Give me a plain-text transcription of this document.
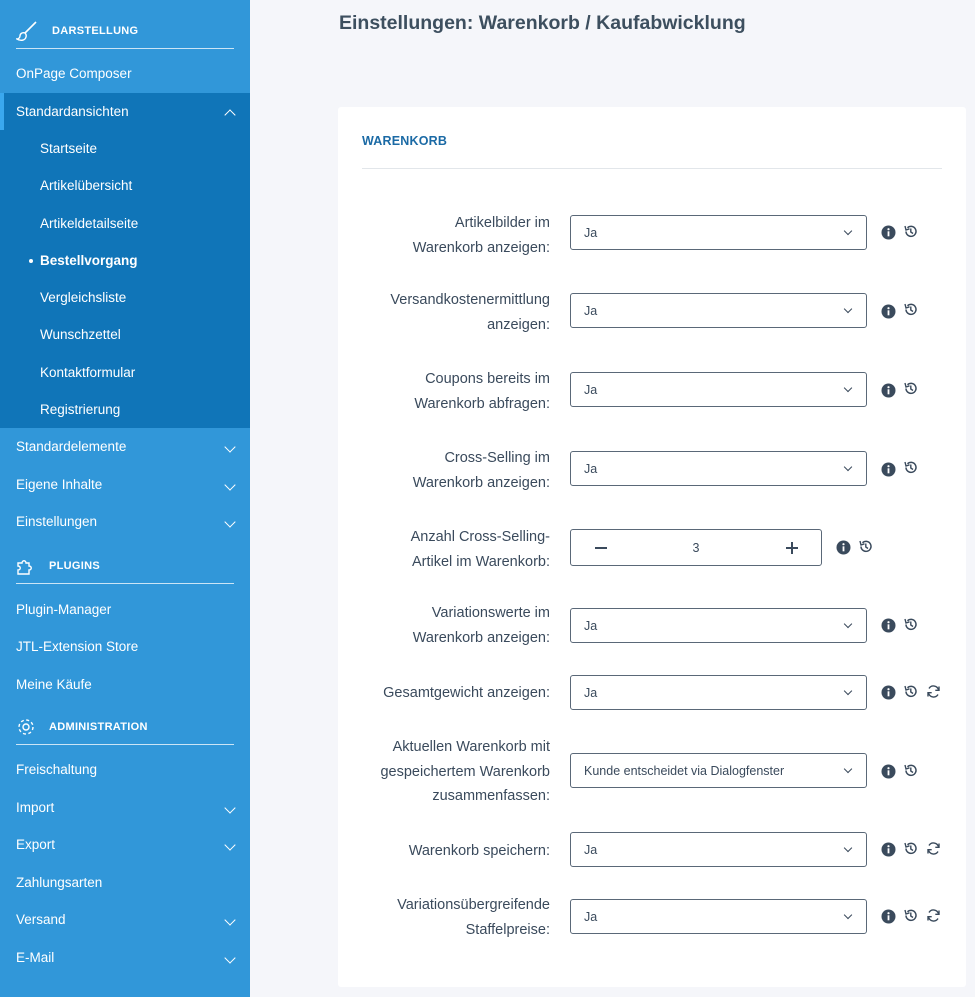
DARSTELLUNG
OnPage Composer
Standardansichten
Startseite
Artikelübersicht
Artikeldetailseite
Bestellvorgang
Vergleichsliste
Wunschzettel
Kontaktformular
Registrierung
Standardelemente
Eigene Inhalte
Einstellungen
PLUGINS
Plugin-Manager
JTL-Extension Store
Meine Käufe
ADMINISTRATION
Freischaltung
Import
Export
Zahlungsarten
Versand
E-Mail
Einstellungen: Warenkorb / Kaufabwicklung
WARENKORB
Artikelbilder im
Warenkorb anzeigen:
Ja
Versandkostenermittlung
anzeigen:
Ja
Coupons bereits im
Warenkorb abfragen:
Ja
Cross-Selling im
Warenkorb anzeigen:
Ja
Anzahl Cross-Selling-
Artikel im Warenkorb:
3
Variationswerte im
Warenkorb anzeigen:
Ja
Gesamtgewicht anzeigen:	Ja
Aktuellen Warenkorb mit
gespeichertem Warenkorb
zusammenfassen:
Kunde entscheidet via Dialogfenster
Warenkorb speichern:	Ja
Variationsübergreifende
Staffelpreise:
Ja
